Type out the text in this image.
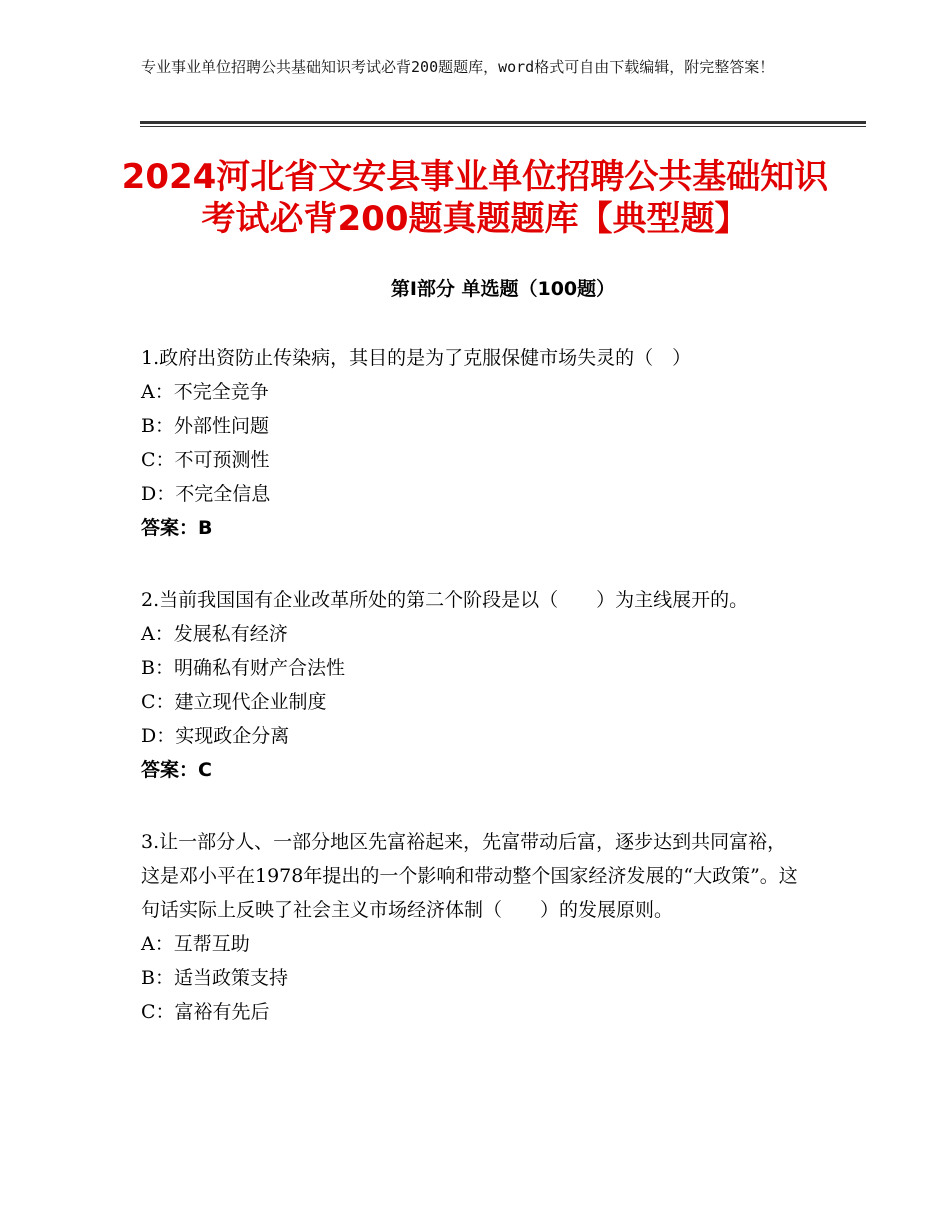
专业事业单位招聘公共基础知识考试必背200题题库，word格式可自由下载编辑，附完整答案！
2024河北省文安县事业单位招聘公共基础知识考试必背200题真题题库【典型题】
第Ⅰ部分 单选题（100题）

1.政府出资防止传染病，其目的是为了克服保健市场失灵的（　）

A：不完全竞争

B：外部性问题

C：不可预测性

D：不完全信息

答案：B

2.当前我国国有企业改革所处的第二个阶段是以（　　）为主线展开的。

A：发展私有经济

B：明确私有财产合法性

C：建立现代企业制度

D：实现政企分离

答案：C

3.让一部分人、一部分地区先富裕起来，先富带动后富，逐步达到共同富裕，这是邓小平在1978年提出的一个影响和带动整个国家经济发展的“大政策”。这句话实际上反映了社会主义市场经济体制（　　）的发展原则。

A：互帮互助

B：适当政策支持

C：富裕有先后
